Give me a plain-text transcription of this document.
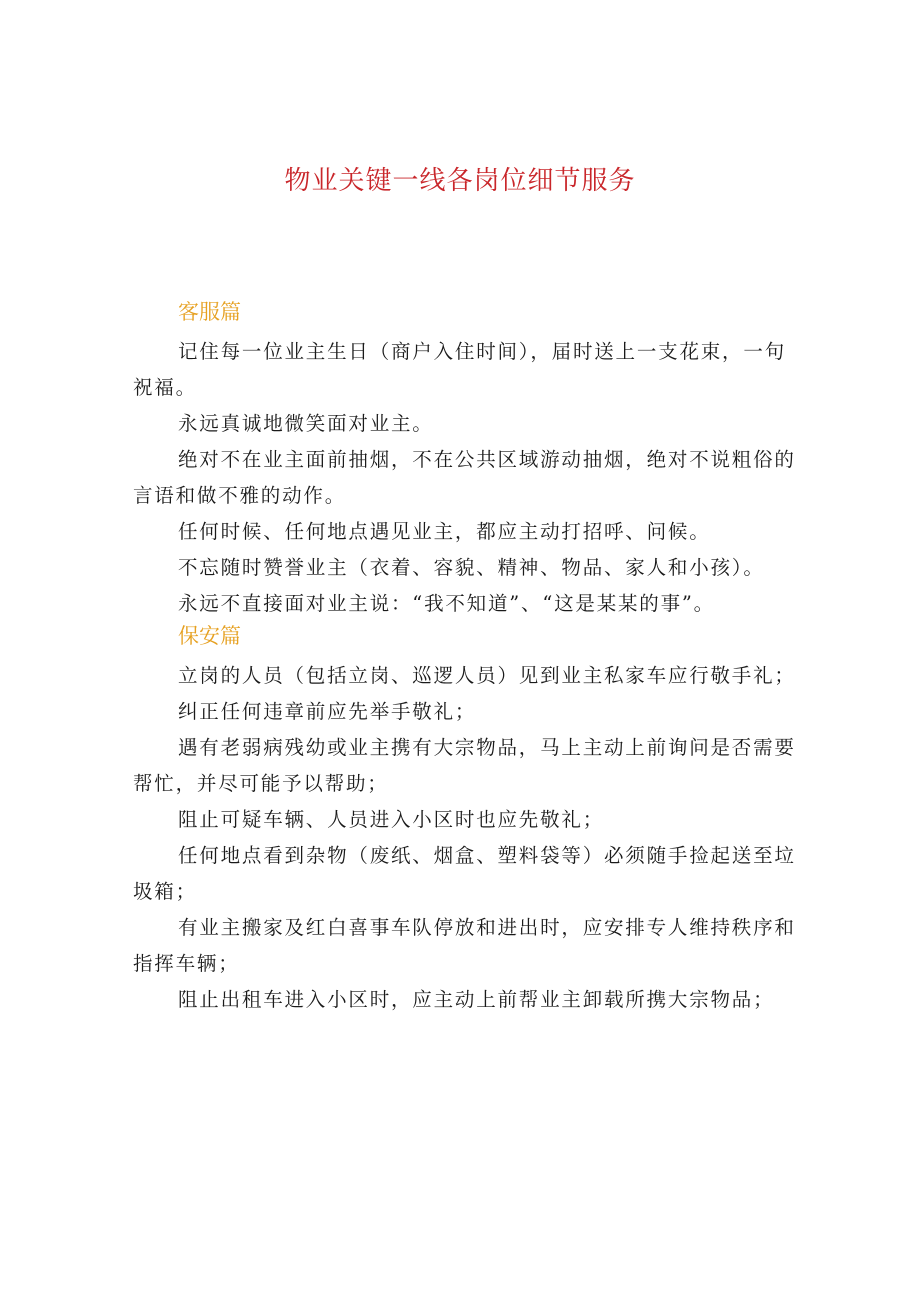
物业关键一线各岗位细节服务
客服篇

记住每一位业主生日（商户入住时间），届时送上一支花束，一句祝福。

永远真诚地微笑面对业主。

绝对不在业主面前抽烟，不在公共区域游动抽烟，绝对不说粗俗的言语和做不雅的动作。

任何时候、任何地点遇见业主，都应主动打招呼、问候。

不忘随时赞誉业主（衣着、容貌、精神、物品、家人和小孩）。

永远不直接面对业主说：“我不知道”、“这是某某的事”。

保安篇

立岗的人员（包括立岗、巡逻人员）见到业主私家车应行敬手礼；

纠正任何违章前应先举手敬礼；

遇有老弱病残幼或业主携有大宗物品，马上主动上前询问是否需要帮忙，并尽可能予以帮助；

阻止可疑车辆、人员进入小区时也应先敬礼；

任何地点看到杂物（废纸、烟盒、塑料袋等）必须随手捡起送至垃圾箱；

有业主搬家及红白喜事车队停放和进出时，应安排专人维持秩序和指挥车辆；

阻止出租车进入小区时，应主动上前帮业主卸载所携大宗物品；
